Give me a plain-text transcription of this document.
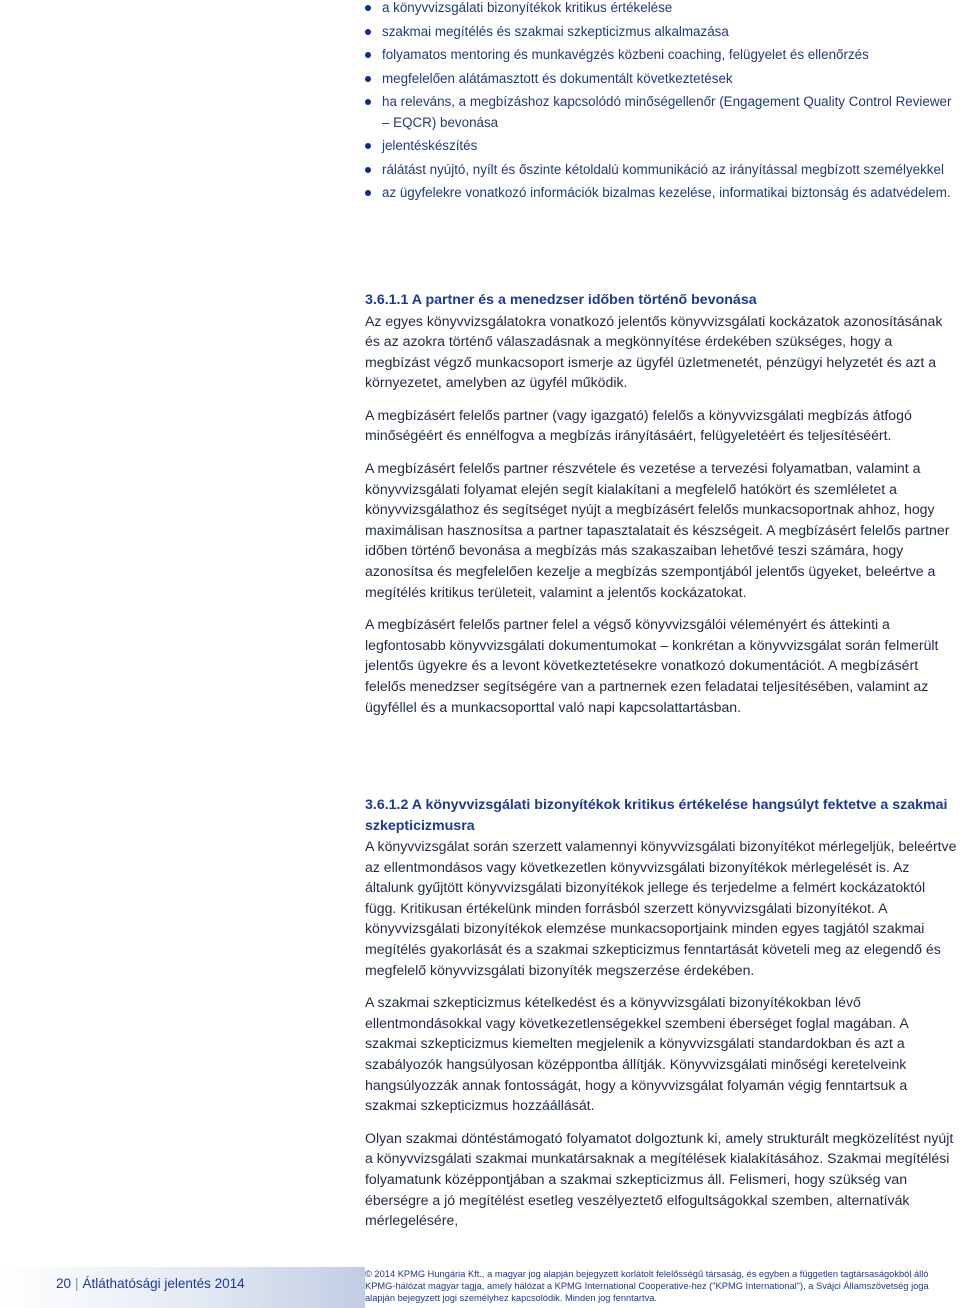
a könyvvizsgálati bizonyítékok kritikus értékelése
szakmai megítélés és szakmai szkepticizmus alkalmazása
folyamatos mentoring és munkavégzés közbeni coaching, felügyelet és ellenőrzés
megfelelően alátámasztott és dokumentált következtetések
ha releváns, a megbízáshoz kapcsolódó minőségellenőr (Engagement Quality Control Reviewer – EQCR) bevonása
jelentéskészítés
rálátást nyújtó, nyílt és őszinte kétoldalú kommunikáció az irányítással megbízott személyekkel
az ügyfelekre vonatkozó információk bizalmas kezelése, informatikai biztonság és adatvédelem.

3.6.1.1 A partner és a menedzser időben történő bevonása

Az egyes könyvvizsgálatokra vonatkozó jelentős könyvvizsgálati kockázatok azonosításának és az azokra történő válaszadásnak a megkönnyítése érdekében szükséges, hogy a megbízást végző munkacsoport ismerje az ügyfél üzletmenetét, pénzügyi helyzetét és azt a környezetet, amelyben az ügyfél működik.

A megbízásért felelős partner (vagy igazgató) felelős a könyvvizsgálati megbízás átfogó minőségéért és ennélfogva a megbízás irányításáért, felügyeletéért és teljesítéséért.

A megbízásért felelős partner részvétele és vezetése a tervezési folyamatban, valamint a könyvvizsgálati folyamat elején segít kialakítani a megfelelő hatókört és szemléletet a könyvvizsgálathoz és segítséget nyújt a megbízásért felelős munkacsoportnak ahhoz, hogy maximálisan hasznosítsa a partner tapasztalatait és készségeit. A megbízásért felelős partner időben történő bevonása a megbízás más szakaszaiban lehetővé teszi számára, hogy azonosítsa és megfelelően kezelje a megbízás szempontjából jelentős ügyeket, beleértve a megítélés kritikus területeit, valamint a jelentős kockázatokat.

A megbízásért felelős partner felel a végső könyvvizsgálói véleményért és áttekinti a legfontosabb könyvvizsgálati dokumentumokat – konkrétan a könyvvizsgálat során felmerült jelentős ügyekre és a levont következtetésekre vonatkozó dokumentációt. A megbízásért felelős menedzser segítségére van a partnernek ezen feladatai teljesítésében, valamint az ügyféllel és a munkacsoporttal való napi kapcsolattartásban.

3.6.1.2 A könyvvizsgálati bizonyítékok kritikus értékelése hangsúlyt fektetve a szakmai szkepticizmusra

A könyvvizsgálat során szerzett valamennyi könyvvizsgálati bizonyítékot mérlegeljük, beleértve az ellentmondásos vagy következetlen könyvvizsgálati bizonyítékok mérlegelését is. Az általunk gyűjtött könyvvizsgálati bizonyítékok jellege és terjedelme a felmért kockázatoktól függ. Kritikusan értékelünk minden forrásból szerzett könyvvizsgálati bizonyítékot. A könyvvizsgálati bizonyítékok elemzése munkacsoportjaink minden egyes tagjától szakmai megítélés gyakorlását és a szakmai szkepticizmus fenntartását követeli meg az elegendő és megfelelő könyvvizsgálati bizonyíték megszerzése érdekében.

A szakmai szkepticizmus kételkedést és a könyvvizsgálati bizonyítékokban lévő ellentmondásokkal vagy következetlenségekkel szembeni éberséget foglal magában. A szakmai szkepticizmus kiemelten megjelenik a könyvvizsgálati standardokban és azt a szabályozók hangsúlyosan középpontba állítják. Könyvvizsgálati minőségi keretelveink hangsúlyozzák annak fontosságát, hogy a könyvvizsgálat folyamán végig fenntartsuk a szakmai szkepticizmus hozzáállását.

Olyan szakmai döntéstámogató folyamatot dolgoztunk ki, amely strukturált megközelítést nyújt a könyvvizsgálati szakmai munkatársaknak a megítélések kialakításához. Szakmai megítélési folyamatunk középpontjában a szakmai szkepticizmus áll. Felismeri, hogy szükség van éberségre a jó megítélést esetleg veszélyeztető elfogultságokkal szemben, alternatívák mérlegelésére,

20 | Átláthatósági jelentés 2014
© 2014 KPMG Hungária Kft., a magyar jog alapján bejegyzett korlátolt felelősségű társaság, és egyben a független tagtársaságokból álló KPMG-hálózat magyar tagja, amely hálózat a KPMG International Cooperative-hez ("KPMG International"), a Svájci Államszövetség joga alapján bejegyzett jogi személyhez kapcsolódik. Minden jog fenntartva.
